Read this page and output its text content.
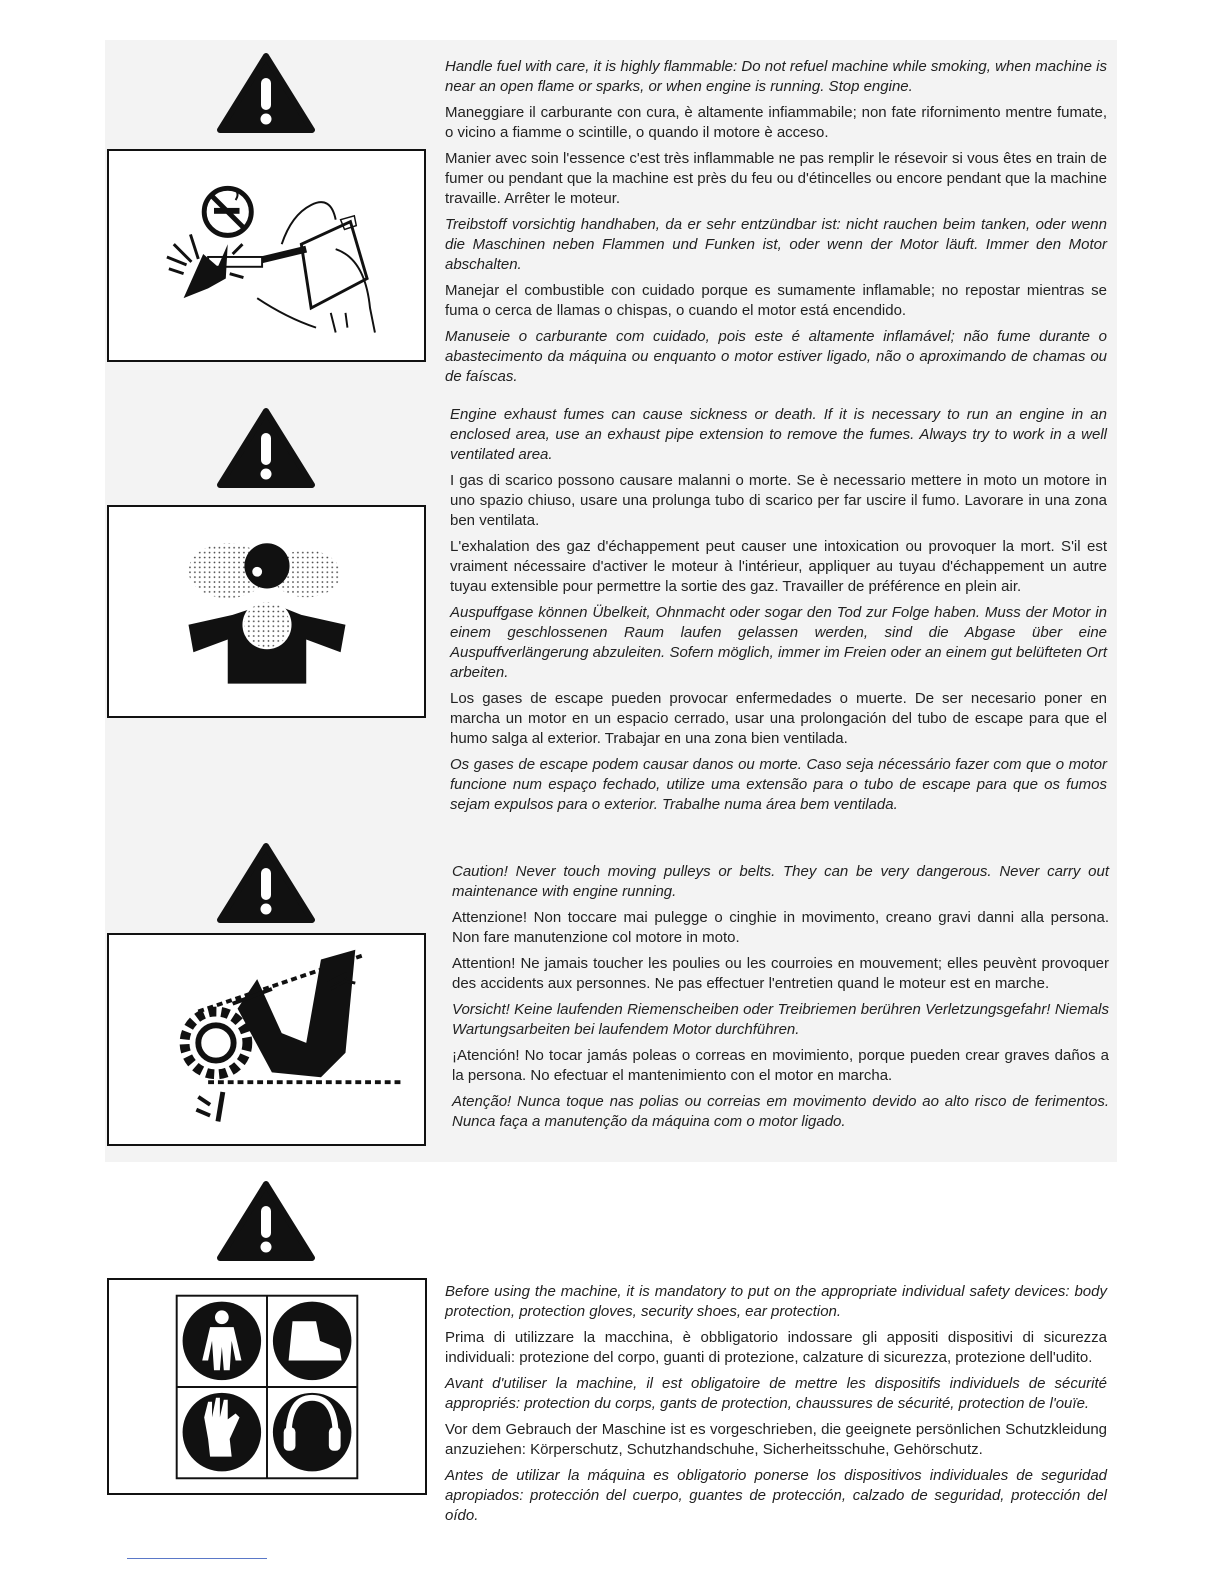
Handle fuel with care, it is highly flammable: Do not refuel machine while smoking, when machine is near an open flame or sparks, or when engine is running. Stop engine.

Maneggiare il carburante con cura, è altamente infiammabile; non fate rifornimento mentre fumate, o vicino a fiamme o scintille, o quando il motore è acceso.

Manier avec soin l'essence c'est très inflammable ne pas remplir le résevoir si vous êtes en train de fumer ou pendant que la machine est près du feu ou d'étincelles ou encore pendant que la machine travaille. Arrêter le moteur.

Treibstoff vorsichtig handhaben, da er sehr entzündbar ist: nicht rauchen beim tanken, oder wenn die Maschinen neben Flammen und Funken ist, oder wenn der Motor läuft. Immer den Motor abschalten.

Manejar el combustible con cuidado porque es sumamente inflamable; no repostar mientras se fuma o cerca de llamas o chispas, o cuando el motor está encendido.

Manuseie o carburante com cuidado, pois este é altamente inflamável; não fume durante o abastecimento da máquina ou enquanto o motor estiver ligado, não o aproximando de chamas ou de faíscas.

Engine exhaust fumes can cause sickness or death. If it is necessary to run an engine in an enclosed area, use an exhaust pipe extension to remove the fumes. Always try to work in a well ventilated area.

I gas di scarico possono causare malanni o morte. Se è necessario mettere in moto un motore in uno spazio chiuso, usare una prolunga tubo di scarico per far uscire il fumo. Lavorare in una zona ben ventilata.

L'exhalation des gaz d'échappement peut causer une intoxication ou provoquer la mort. S'il est vraiment nécessaire d'activer le moteur à l'intérieur, appliquer au tuyau d'échappement un autre tuyau extensible pour permettre la sortie des gaz. Travailler de préférence en plein air.

Auspuffgase können Übelkeit, Ohnmacht oder sogar den Tod zur Folge haben. Muss der Motor in einem geschlossenen Raum laufen gelassen werden, sind die Abgase über eine Auspuffverlängerung abzuleiten. Sofern möglich, immer im Freien oder an einem gut belüfteten Ort arbeiten.

Los gases de escape pueden provocar enfermedades o muerte. De ser necesario poner en marcha un motor en un espacio cerrado, usar una prolongación del tubo de escape para que el humo salga al exterior. Trabajar en una zona bien ventilada.

Os gases de escape podem causar danos ou morte. Caso seja nécessário fazer com que o motor funcione num espaço fechado, utilize uma extensão para o tubo de escape para que os fumos sejam expulsos para o exterior. Trabalhe numa área bem ventilada.

Caution! Never touch moving pulleys or belts. They can be very dangerous. Never carry out maintenance with engine running.

Attenzione! Non toccare mai pulegge o cinghie in movimento, creano gravi danni alla persona. Non fare manutenzione col motore in moto.

Attention! Ne jamais toucher les poulies ou les courroies en mouvement; elles peuvènt provoquer des accidents aux personnes. Ne pas effectuer l'entretien quand le moteur est en marche.

Vorsicht! Keine laufenden Riemenscheiben oder Treibriemen berühren Verletzungsgefahr! Niemals Wartungsarbeiten bei laufendem Motor durchführen.

¡Atención! No tocar jamás poleas o correas en movimiento, porque pueden crear graves daños a la persona. No efectuar el mantenimiento con el motor en marcha.

Atenção! Nunca toque nas polias ou correias em movimento devido ao alto risco de ferimentos. Nunca faça a manutenção da máquina com o motor ligado.

Before using the machine, it is mandatory to put on the appropriate individual safety devices: body protection, protection gloves, security shoes, ear protection.

Prima di utilizzare la macchina, è obbligatorio indossare gli appositi dispositivi di sicurezza individuali: protezione del corpo, guanti di protezione, calzature di sicurezza, protezione dell'udito.

Avant d'utiliser la machine, il est obligatoire de mettre les dispositifs individuels de sécurité appropriés: protection du corps, gants de protection, chaussures de sécurité, protection de l'ouïe.

Vor dem Gebrauch der Maschine ist es vorgeschrieben, die geeignete persönlichen Schutzkleidung anzuziehen: Körperschutz, Schutzhandschuhe, Sicherheitsschuhe, Gehörschutz.

Antes de utilizar la máquina es obligatorio ponerse los dispositivos individuales de seguridad apropiados: protección del cuerpo, guantes de protección, calzado de seguridad, protección del oído.
